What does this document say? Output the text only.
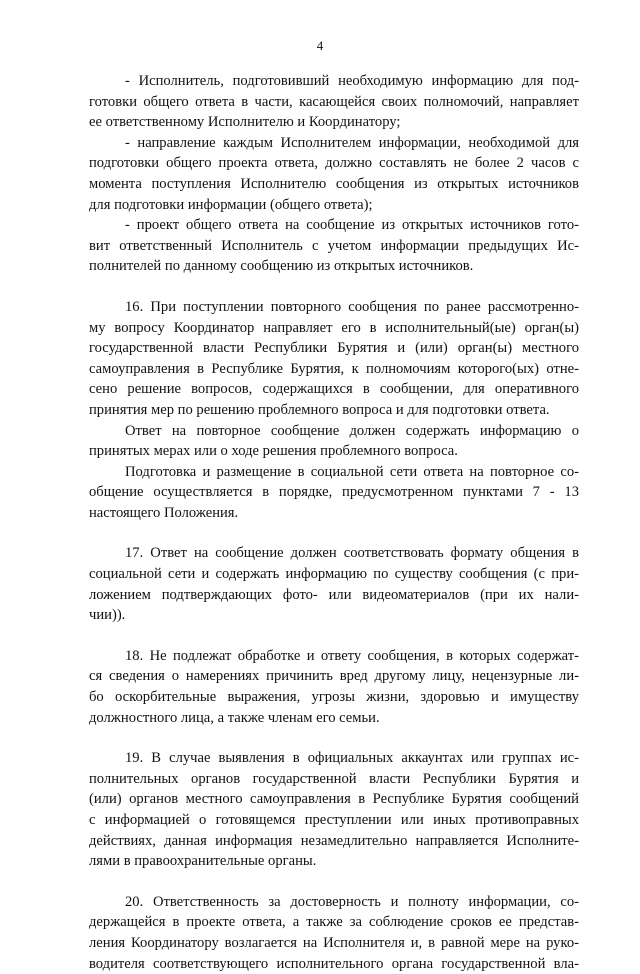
4
- Исполнитель, подготовивший необходимую информацию для под-
готовки общего ответа в части, касающейся своих полномочий, направляет
ее ответственному Исполнителю и Координатору;
- направление каждым Исполнителем информации, необходимой для
подготовки общего проекта ответа, должно составлять не более 2 часов с
момента поступления Исполнителю сообщения из открытых источников
для подготовки информации (общего ответа);
- проект общего ответа на сообщение из открытых источников гото-
вит ответственный Исполнитель с учетом информации предыдущих Ис-
полнителей по данному сообщению из открытых источников.
16. При поступлении повторного сообщения по ранее рассмотренно-
му вопросу Координатор направляет его в исполнительный(ые) орган(ы)
государственной власти Республики Бурятия и (или) орган(ы) местного
самоуправления в Республике Бурятия, к полномочиям которого(ых) отне-
сено решение вопросов, содержащихся в сообщении, для оперативного
принятия мер по решению проблемного вопроса и для подготовки ответа.
Ответ на повторное сообщение должен содержать информацию о
принятых мерах или о ходе решения проблемного вопроса.
Подготовка и размещение в социальной сети ответа на повторное со-
общение осуществляется в порядке, предусмотренном пунктами 7 - 13
настоящего Положения.
17. Ответ на сообщение должен соответствовать формату общения в
социальной сети и содержать информацию по существу сообщения (с при-
ложением подтверждающих фото- или видеоматериалов (при их нали-
чии)).
18. Не подлежат обработке и ответу сообщения, в которых содержат-
ся сведения о намерениях причинить вред другому лицу, нецензурные ли-
бо оскорбительные выражения, угрозы жизни, здоровью и имуществу
должностного лица, а также членам его семьи.
19. В случае выявления в официальных аккаунтах или группах ис-
полнительных органов государственной власти Республики Бурятия и
(или) органов местного самоуправления в Республике Бурятия сообщений
с информацией о готовящемся преступлении или иных противоправных
действиях, данная информация незамедлительно направляется Исполните-
лями в правоохранительные органы.
20. Ответственность за достоверность и полноту информации, со-
держащейся в проекте ответа, а также за соблюдение сроков ее представ-
ления Координатору возлагается на Исполнителя и, в равной мере на руко-
водителя соответствующего исполнительного органа государственной вла-
